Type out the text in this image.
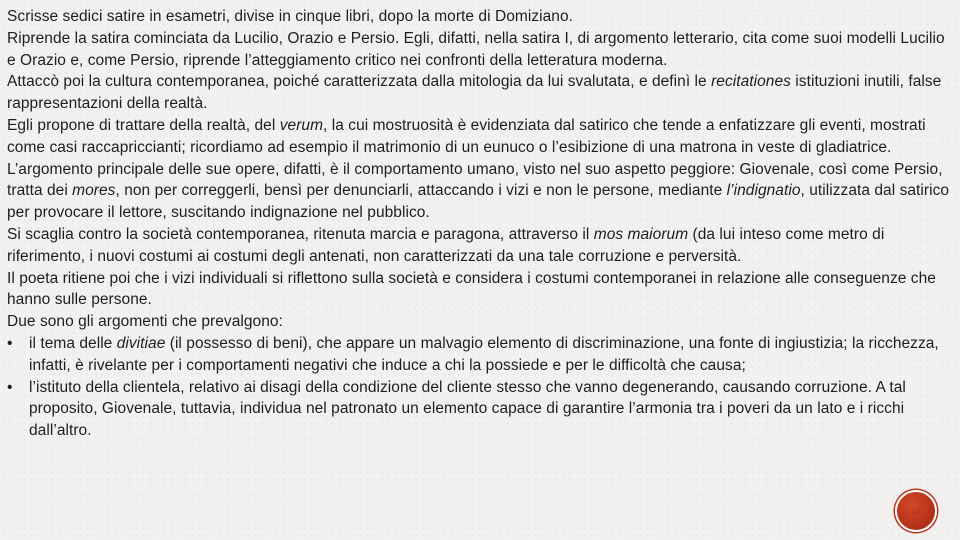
Scrisse sedici satire in esametri, divise in cinque libri, dopo la morte di Domiziano.

Riprende la satira cominciata da Lucilio, Orazio e Persio. Egli, difatti, nella satira I, di argomento letterario, cita come suoi modelli Lucilio e Orazio e, come Persio, riprende l’atteggiamento critico nei confronti della letteratura moderna.

Attaccò poi la cultura contemporanea, poiché caratterizzata dalla mitologia da lui svalutata, e definì le recitationes istituzioni inutili, false rappresentazioni della realtà.

Egli propone di trattare della realtà, del verum, la cui mostruosità è evidenziata dal satirico che tende a enfatizzare gli eventi, mostrati come casi raccapriccianti; ricordiamo ad esempio il matrimonio di un eunuco o l’esibizione di una matrona in veste di gladiatrice.

L’argomento principale delle sue opere, difatti, è il comportamento umano, visto nel suo aspetto peggiore: Giovenale, così come Persio, tratta dei mores, non per correggerli, bensì per denunciarli, attaccando i vizi e non le persone, mediante l’indignatio, utilizzata dal satirico per provocare il lettore, suscitando indignazione nel pubblico.

Si scaglia contro la società contemporanea, ritenuta marcia e paragona, attraverso il mos maiorum (da lui inteso come metro di riferimento, i nuovi costumi ai costumi degli antenati, non caratterizzati da una tale corruzione e perversità.

Il poeta ritiene poi che i vizi individuali si riflettono sulla società e considera i costumi contemporanei in relazione alle conseguenze che hanno sulle persone.

Due sono gli argomenti che prevalgono:

• il tema delle divitiae (il possesso di beni), che appare un malvagio elemento di discriminazione, una fonte di ingiustizia; la ricchezza, infatti, è rivelante per i comportamenti negativi che induce a chi la possiede e per le difficoltà che causa;
• l’istituto della clientela, relativo ai disagi della condizione del cliente stesso che vanno degenerando, causando corruzione. A tal proposito, Giovenale, tuttavia, individua nel patronato un elemento capace di garantire l’armonia tra i poveri da un lato e i ricchi dall’altro.
15
